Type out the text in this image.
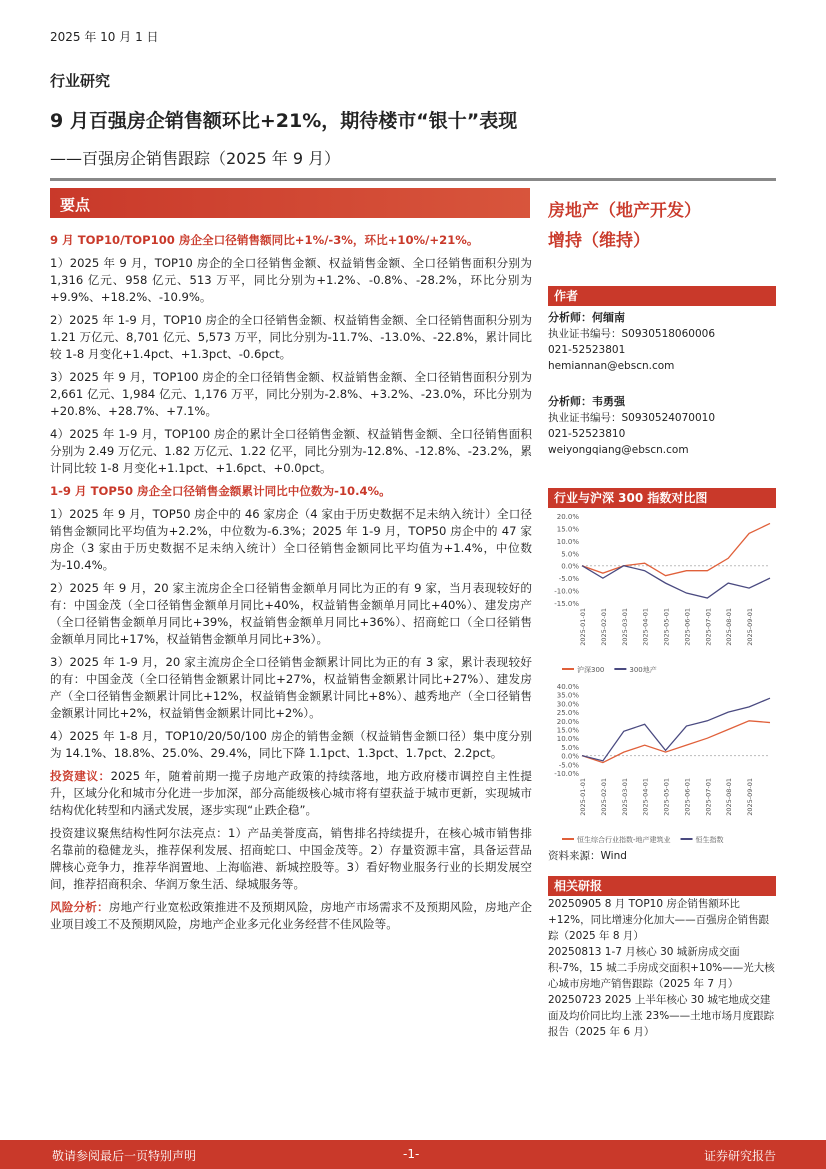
2025 年 10 月 1 日
行业研究
9 月百强房企销售额环比+21%，期待楼市“银十”表现
——百强房企销售跟踪（2025 年 9 月）
要点

9 月 TOP10/TOP100 房企全口径销售额同比+1%/-3%，环比+10%/+21%。

1）2025 年 9 月，TOP10 房企的全口径销售金额、权益销售金额、全口径销售面积分别为 1,316 亿元、958 亿元、513 万平，同比分别为+1.2%、-0.8%、-28.2%，环比分别为+9.9%、+18.2%、-10.9%。

2）2025 年 1-9 月，TOP10 房企的全口径销售金额、权益销售金额、全口径销售面积分别为 1.21 万亿元、8,701 亿元、5,573 万平，同比分别为-11.7%、-13.0%、-22.8%，累计同比较 1-8 月变化+1.4pct、+1.3pct、-0.6pct。

3）2025 年 9 月，TOP100 房企的全口径销售金额、权益销售金额、全口径销售面积分别为 2,661 亿元、1,984 亿元、1,176 万平，同比分别为-2.8%、+3.2%、-23.0%，环比分别为+20.8%、+28.7%、+7.1%。

4）2025 年 1-9 月，TOP100 房企的累计全口径销售金额、权益销售金额、全口径销售面积分别为 2.49 万亿元、1.82 万亿元、1.22 亿平，同比分别为-12.8%、-12.8%、-23.2%，累计同比较 1-8 月变化+1.1pct、+1.6pct、+0.0pct。

1-9 月 TOP50 房企全口径销售金额累计同比中位数为-10.4%。

1）2025 年 9 月，TOP50 房企中的 46 家房企（4 家由于历史数据不足未纳入统计）全口径销售金额同比平均值为+2.2%，中位数为-6.3%；2025 年 1-9 月，TOP50 房企中的 47 家房企（3 家由于历史数据不足未纳入统计）全口径销售金额同比平均值为+1.4%，中位数为-10.4%。

2）2025 年 9 月，20 家主流房企全口径销售金额单月同比为正的有 9 家，当月表现较好的有：中国金茂（全口径销售金额单月同比+40%，权益销售金额单月同比+40%）、建发房产（全口径销售金额单月同比+39%，权益销售金额单月同比+36%）、招商蛇口（全口径销售金额单月同比+17%，权益销售金额单月同比+3%）。

3）2025 年 1-9 月，20 家主流房企全口径销售金额累计同比为正的有 3 家，累计表现较好的有：中国金茂（全口径销售金额累计同比+27%，权益销售金额累计同比+27%）、建发房产（全口径销售金额累计同比+12%，权益销售金额累计同比+8%）、越秀地产（全口径销售金额累计同比+2%，权益销售金额累计同比+2%）。

4）2025 年 1-8 月，TOP10/20/50/100 房企的销售金额（权益销售金额口径）集中度分别为 14.1%、18.8%、25.0%、29.4%，同比下降 1.1pct、1.3pct、1.7pct、2.2pct。

投资建议：2025 年，随着前期一揽子房地产政策的持续落地，地方政府楼市调控自主性提升，区域分化和城市分化进一步加深，部分高能级核心城市将有望获益于城市更新，实现城市结构优化转型和内涵式发展，逐步实现“止跌企稳”。

投资建议聚焦结构性阿尔法亮点：1）产品美誉度高，销售排名持续提升，在核心城市销售排名靠前的稳健龙头，推荐保利发展、招商蛇口、中国金茂等。2）存量资源丰富，具备运营品牌核心竞争力，推荐华润置地、上海临港、新城控股等。3）看好物业服务行业的长期发展空间，推荐招商积余、华润万象生活、绿城服务等。

风险分析：房地产行业宽松政策推进不及预期风险，房地产市场需求不及预期风险，房地产企业项目竣工不及预期风险，房地产企业多元化业务经营不佳风险等。

房地产（地产开发）
增持（维持）
作者
分析师：何缅南
执业证书编号：S0930518060006
021-52523801
hemiannan@ebscn.com
分析师：韦勇强
执业证书编号：S0930524070010
021-52523810
weiyongqiang@ebscn.com
行业与沪深 300 指数对比图
20.0%
15.0%
10.0%
5.0%
0.0%
-5.0%
-10.0%
-15.0%
2025-01-01 2025-02-01 2025-03-01 2025-04-01 2025-05-01 2025-06-01 2025-07-01 2025-08-01 2025-09-01
沪深300	300地产
40.0%
35.0%
30.0%
25.0%
20.0%
15.0%
10.0%
5.0%
0.0%
-5.0%
-10.0%
2025-01-01 2025-02-01 2025-03-01 2025-04-01 2025-05-01 2025-06-01 2025-07-01 2025-08-01 2025-09-01
恒生综合行业指数-地产建筑业	恒生指数
资料来源：Wind
相关研报
20250905 8 月 TOP10 房企销售额环比+12%，同比增速分化加大——百强房企销售跟踪（2025 年 8 月）
20250813 1-7 月核心 30 城新房成交面积-7%，15 城二手房成交面积+10%——光大核心城市房地产销售跟踪（2025 年 7 月）
20250723 2025 上半年核心 30 城宅地成交建面及均价同比均上涨 23%——土地市场月度跟踪报告（2025 年 6 月）
敬请参阅最后一页特别声明	-1-	证券研究报告
